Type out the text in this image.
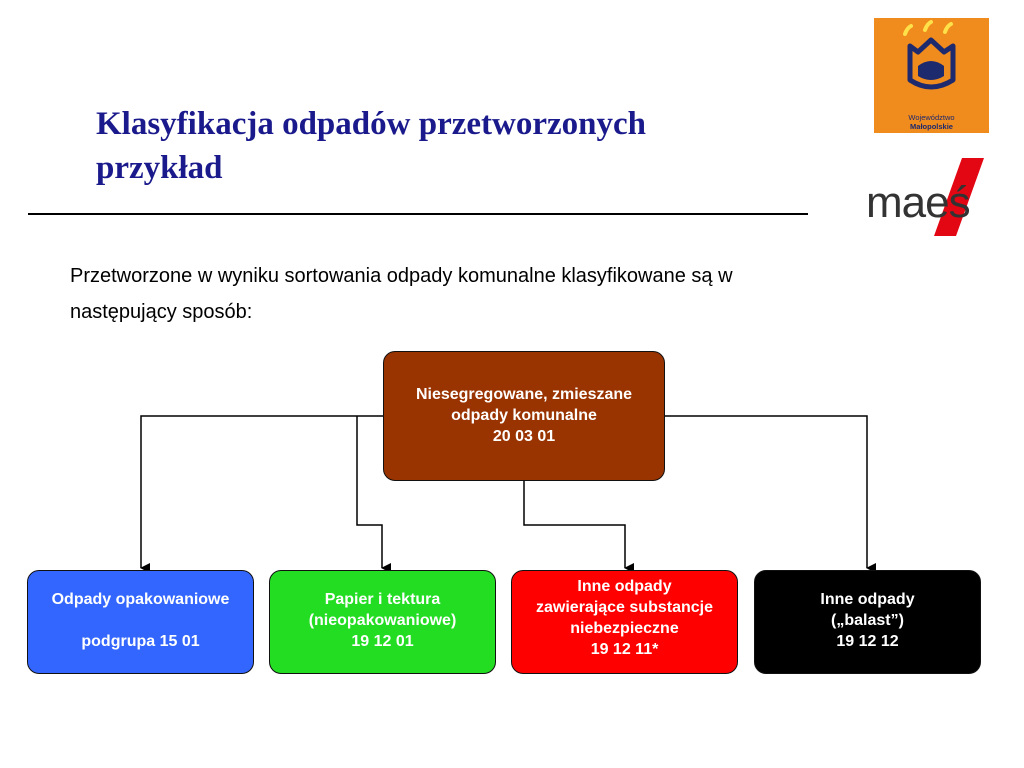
Klasyfikacja odpadów przetworzonych
przykład
Województwo
Małopolskie
maeś
Przetworzone w wyniku sortowania odpady komunalne klasyfikowane są w
następujący sposób:
Niesegregowane, zmieszane
odpady komunalne
20 03 01
Odpady opakowaniowe
podgrupa 15 01
Papier i tektura
(nieopakowaniowe)
19 12 01
Inne odpady
zawierające substancje
niebezpieczne
19 12 11*
Inne odpady
(„balast”)
19 12 12
